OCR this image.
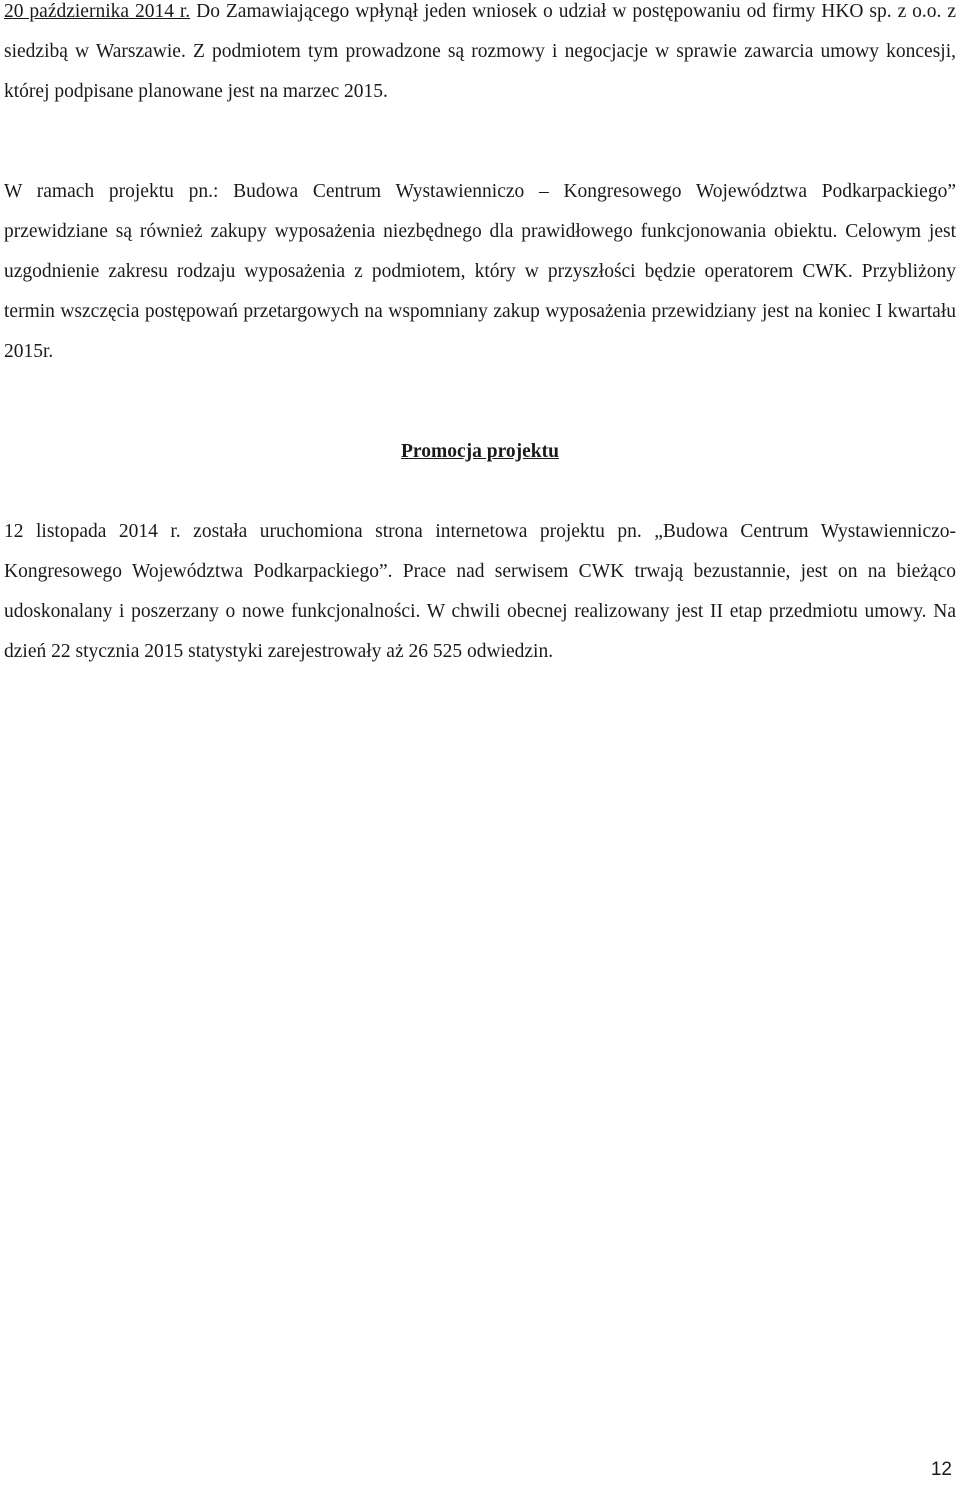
20 października 2014 r. Do Zamawiającego wpłynął jeden wniosek o udział w postępowaniu od firmy HKO sp. z o.o. z siedzibą w Warszawie. Z podmiotem tym prowadzone są rozmowy i negocjacje w sprawie zawarcia umowy koncesji, której podpisane planowane jest na marzec 2015.

W ramach projektu pn.: Budowa Centrum Wystawienniczo – Kongresowego Województwa Podkarpackiego” przewidziane są również zakupy wyposażenia niezbędnego dla prawidłowego funkcjonowania obiektu. Celowym jest uzgodnienie zakresu rodzaju wyposażenia z podmiotem, który w przyszłości będzie operatorem CWK. Przybliżony termin wszczęcia postępowań przetargowych na wspomniany zakup wyposażenia przewidziany jest na koniec I kwartału 2015r.

Promocja projektu

12 listopada 2014 r. została uruchomiona strona internetowa projektu pn. „Budowa Centrum Wystawienniczo-Kongresowego Województwa Podkarpackiego”. Prace nad serwisem CWK trwają bezustannie, jest on na bieżąco udoskonalany i poszerzany o nowe funkcjonalności. W chwili obecnej realizowany jest II etap przedmiotu umowy. Na dzień 22 stycznia 2015 statystyki zarejestrowały aż 26 525 odwiedzin.

12
